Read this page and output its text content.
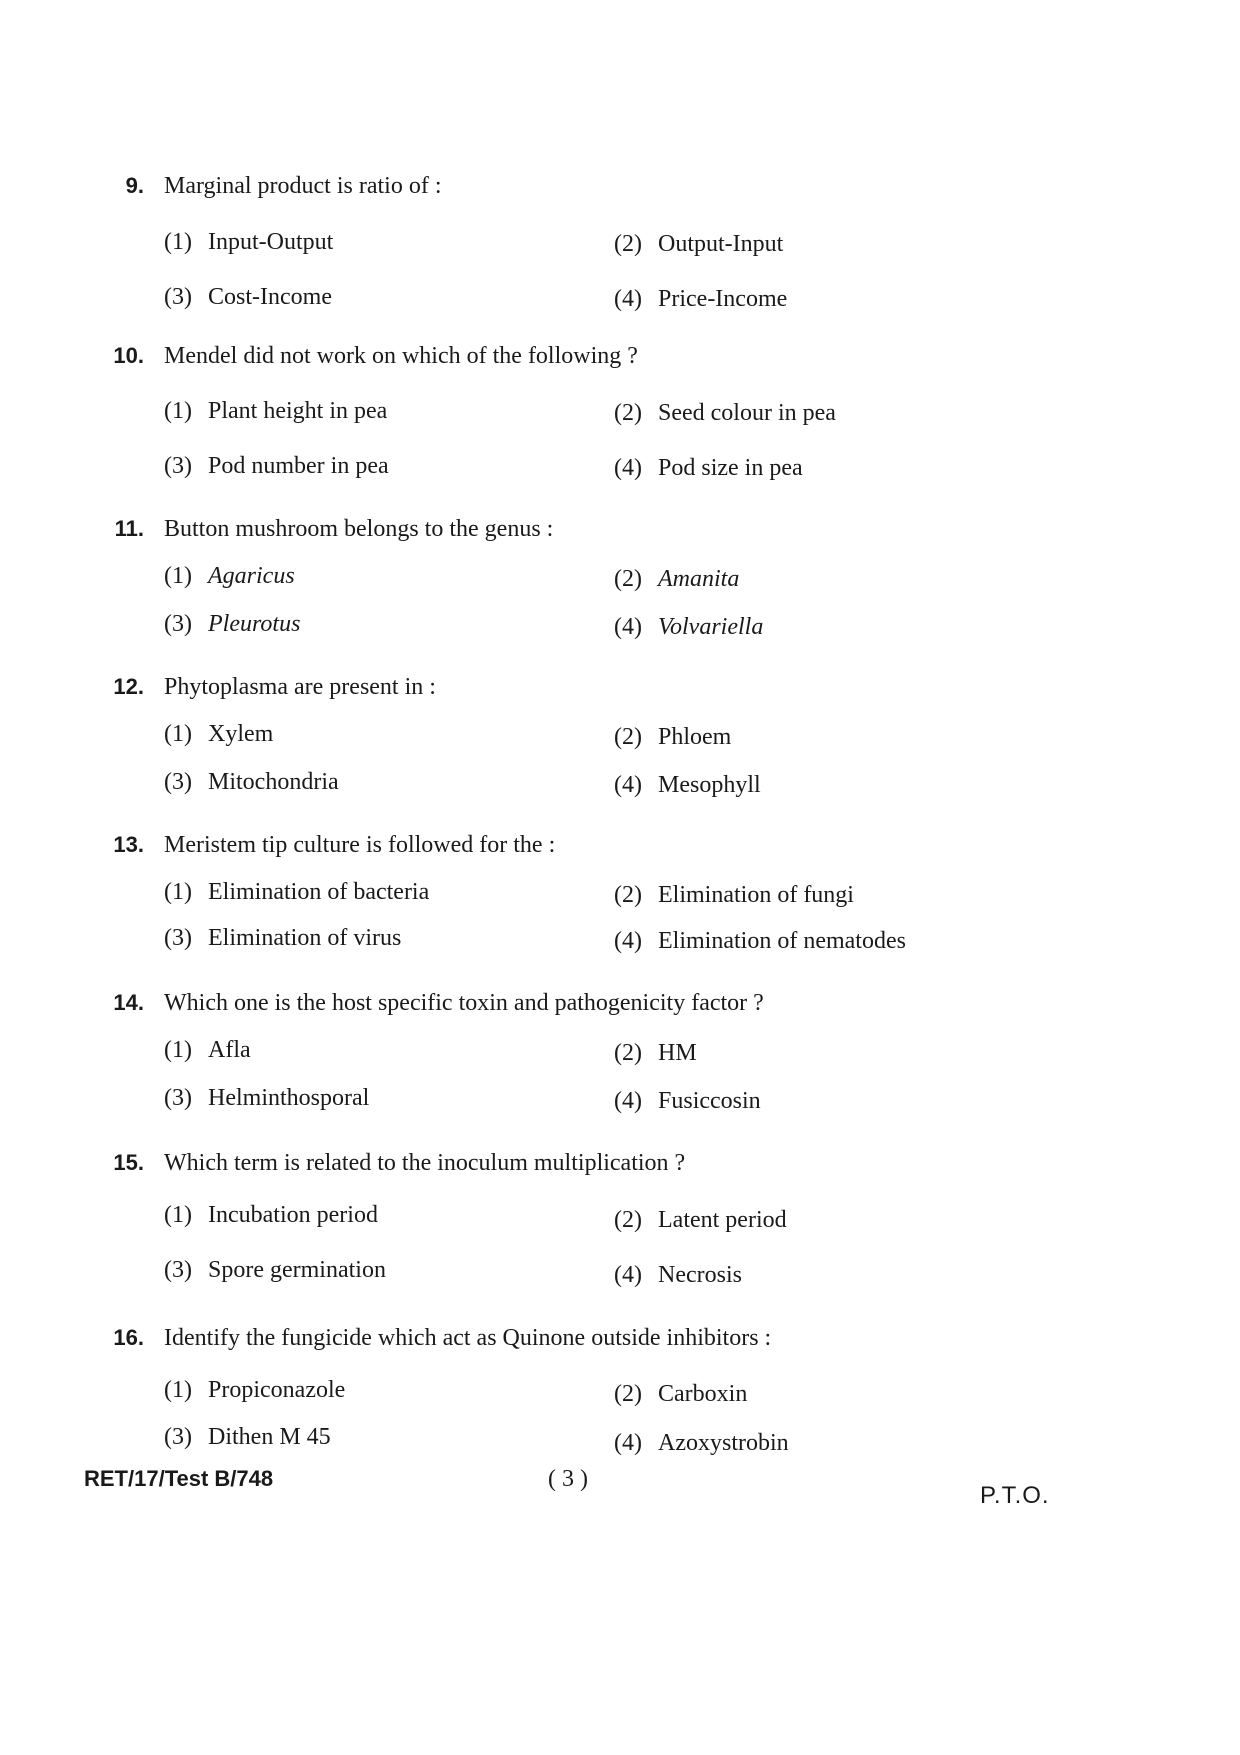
9. Marginal product is ratio of :
(1) Input-Output	(2) Output-Input
(3) Cost-Income	(4) Price-Income
10. Mendel did not work on which of the following ?
(1) Plant height in pea	(2) Seed colour in pea
(3) Pod number in pea	(4) Pod size in pea
11. Button mushroom belongs to the genus :
(1) Agaricus	(2) Amanita
(3) Pleurotus	(4) Volvariella
12. Phytoplasma are present in :
(1) Xylem	(2) Phloem
(3) Mitochondria	(4) Mesophyll
13. Meristem tip culture is followed for the :
(1) Elimination of bacteria	(2) Elimination of fungi
(3) Elimination of virus	(4) Elimination of nematodes
14. Which one is the host specific toxin and pathogenicity factor ?
(1) Afla	(2) HM
(3) Helminthosporal	(4) Fusiccosin
15. Which term is related to the inoculum multiplication ?
(1) Incubation period	(2) Latent period
(3) Spore germination	(4) Necrosis
16. Identify the fungicide which act as Quinone outside inhibitors :
(1) Propiconazole	(2) Carboxin
(3) Dithen M 45	(4) Azoxystrobin
RET/17/Test B/748	( 3 )
P.T.O.
